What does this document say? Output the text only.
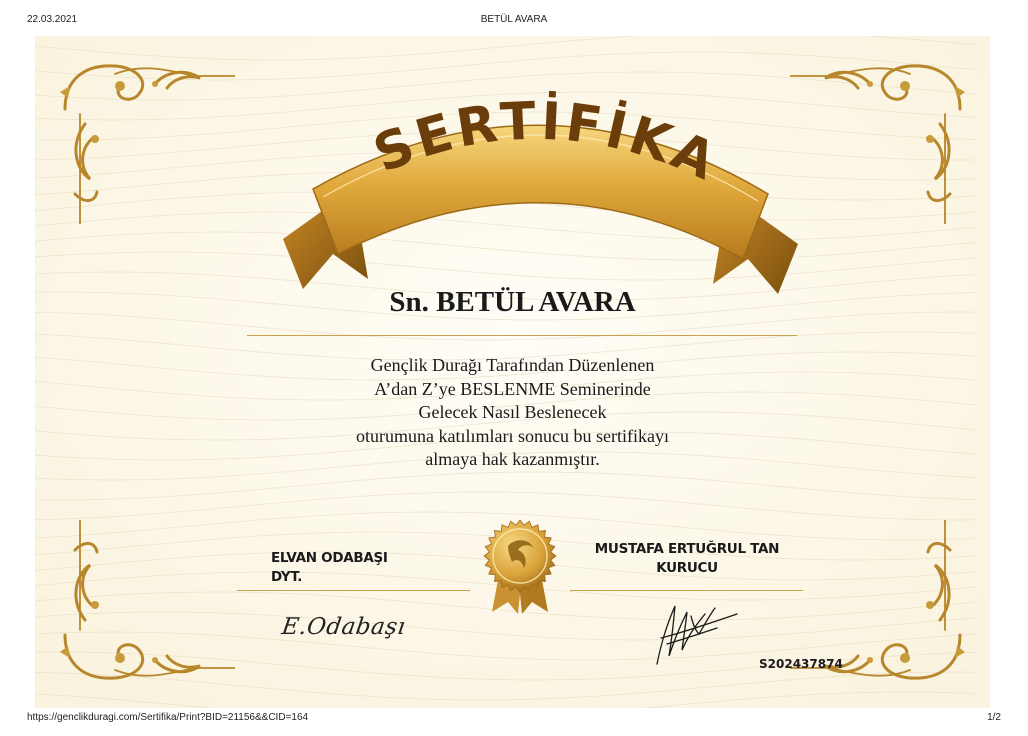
22.03.2021	BETÜL AVARA
SERTİFİKA
Sn. BETÜL AVARA
Gençlik Durağı Tarafından Düzenlenen
A’dan Z’ye BESLENME Seminerinde
Gelecek Nasıl Beslenecek
oturumuna katılımları sonucu bu sertifikayı
almaya hak kazanmıştır.
ELVAN ODABAŞI
DYT.
E.Odabaşı
MUSTAFA ERTUĞRUL TAN
KURUCU
S202437874
https://genclikduragi.com/Sertifika/Print?BID=21156&&CID=164	1/2
